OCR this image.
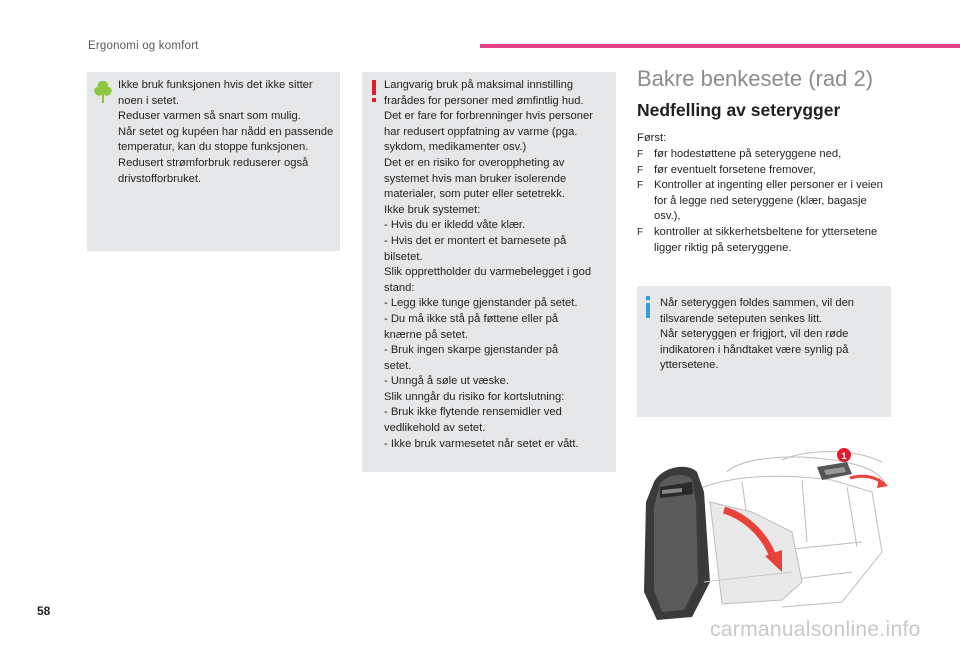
Ergonomi og komfort
Ikke bruk funksjonen hvis det ikke sitter noen i setet.
Reduser varmen så snart som mulig.
Når setet og kupéen har nådd en passende temperatur, kan du stoppe funksjonen. Redusert strømforbruk reduserer også drivstofforbruket.
Langvarig bruk på maksimal innstilling frarådes for personer med ømfintlig hud.
Det er fare for forbrenninger hvis personer har redusert oppfatning av varme (pga. sykdom, medikamenter osv.)
Det er en risiko for overoppheting av systemet hvis man bruker isolerende materialer, som puter eller setetrekk.
Ikke bruk systemet:
- Hvis du er ikledd våte klær.
- Hvis det er montert et barnesete på
bilsetet.
Slik opprettholder du varmebelegget i god stand:
- Legg ikke tunge gjenstander på setet.
- Du må ikke stå på føttene eller på
knærne på setet.
- Bruk ingen skarpe gjenstander på
setet.
- Unngå å søle ut væske.
Slik unngår du risiko for kortslutning:
- Bruk ikke flytende rensemidler ved
vedlikehold av setet.
- Ikke bruk varmesetet når setet er vått.
Bakre benkesete (rad 2)
Nedfelling av seterygger
Først:
F før hodestøttene på seteryggene ned,
F før eventuelt forsetene fremover,
F Kontroller at ingenting eller personer er i veien for å legge ned seteryggene (klær, bagasje osv.),
F kontroller at sikkerhetsbeltene for yttersetene ligger riktig på seteryggene.
Når seteryggen foldes sammen, vil den tilsvarende seteputen senkes litt.
Når seteryggen er frigjort, vil den røde indikatoren i håndtaket være synlig på yttersetene.
1
58
carmanualsonline.info
